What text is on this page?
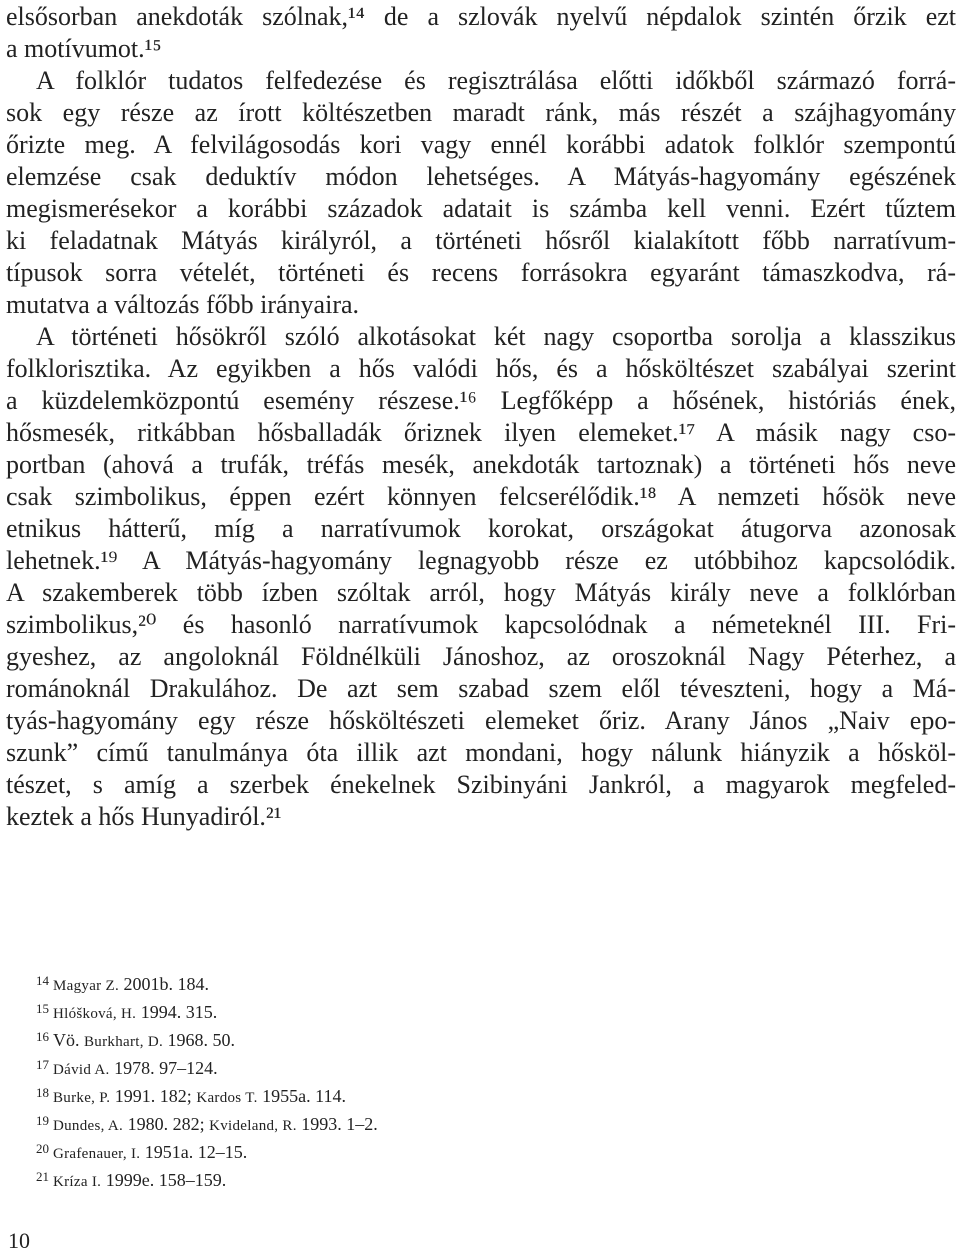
elsősorban anekdoták szólnak,¹⁴ de a szlovák nyelvű népdalok szintén őrzik ezt
a motívumot.¹⁵
A folklór tudatos felfedezése és regisztrálása előtti időkből származó forrá-
sok egy része az írott költészetben maradt ránk, más részét a szájhagyomány
őrizte meg. A felvilágosodás kori vagy ennél korábbi adatok folklór szempontú
elemzése csak deduktív módon lehetséges. A Mátyás-hagyomány egészének
megismerésekor a korábbi századok adatait is számba kell venni. Ezért tűztem
ki feladatnak Mátyás királyról, a történeti hősről kialakított főbb narratívum-
típusok sorra vételét, történeti és recens forrásokra egyaránt támaszkodva, rá-
mutatva a változás főbb irányaira.
A történeti hősökről szóló alkotásokat két nagy csoportba sorolja a klasszikus
folklorisztika. Az egyikben a hős valódi hős, és a hősköltészet szabályai szerint
a küzdelemközpontú esemény részese.¹⁶ Legfőképp a hősének, históriás ének,
hősmesék, ritkábban hősballadák őriznek ilyen elemeket.¹⁷ A másik nagy cso-
portban (ahová a trufák, tréfás mesék, anekdoták tartoznak) a történeti hős neve
csak szimbolikus, éppen ezért könnyen felcserélődik.¹⁸ A nemzeti hősök neve
etnikus hátterű, míg a narratívumok korokat, országokat átugorva azonosak
lehetnek.¹⁹ A Mátyás-hagyomány legnagyobb része ez utóbbihoz kapcsolódik.
A szakemberek több ízben szóltak arról, hogy Mátyás király neve a folklórban
szimbolikus,²⁰ és hasonló narratívumok kapcsolódnak a németeknél III. Fri-
gyeshez, az angoloknál Földnélküli Jánoshoz, az oroszoknál Nagy Péterhez, a
románoknál Drakulához. De azt sem szabad szem elől téveszteni, hogy a Má-
tyás-hagyomány egy része hősköltészeti elemeket őriz. Arany János „Naiv epo-
szunk” című tanulmánya óta illik azt mondani, hogy nálunk hiányzik a hősköl-
tészet, s amíg a szerbek énekelnek Szibinyáni Jankról, a magyarok megfeled-
keztek a hős Hunyadiról.²¹
$^{14}$ Magyar Z. 2001b. 184.
$^{15}$ Hlóšková, H. 1994. 315.
$^{16}$ Vö. Burkhart, D. 1968. 50.
$^{17}$ Dávid A. 1978. 97–124.
$^{18}$ Burke, P. 1991. 182; Kardos T. 1955a. 114.
$^{19}$ Dundes, A. 1980. 282; Kvideland, R. 1993. 1–2.
$^{20}$ Grafenauer, I. 1951a. 12–15.
$^{21}$ Kríza I. 1999e. 158–159.
10
